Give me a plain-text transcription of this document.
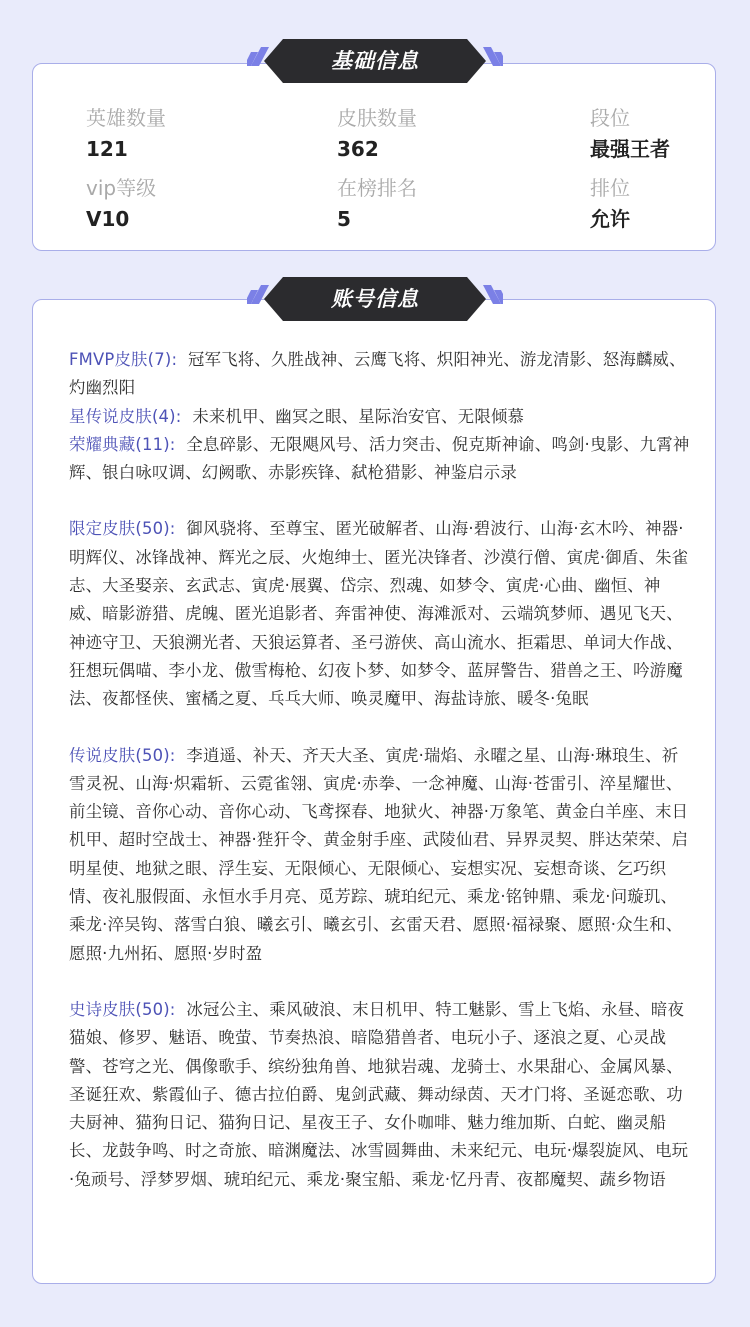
英雄数量
121
皮肤数量
362
段位
最强王者
vip等级
V10
在榜排名
5
排位
允许
基础信息
FMVP皮肤(7): 冠军飞将、久胜战神、云鹰飞将、炽阳神光、游龙清影、怒海麟威、灼幽烈阳
星传说皮肤(4): 未来机甲、幽冥之眼、星际治安官、无限倾慕
荣耀典藏(11): 全息碎影、无限飓风号、活力突击、倪克斯神谕、鸣剑·曳影、九霄神辉、银白咏叹调、幻阙歌、赤影疾锋、弑枪猎影、神鉴启示录
限定皮肤(50): 御风骁将、至尊宝、匿光破解者、山海·碧波行、山海·玄木吟、神器·明辉仪、冰锋战神、辉光之辰、火炮绅士、匿光决锋者、沙漠行僧、寅虎·御盾、朱雀志、大圣娶亲、玄武志、寅虎·展翼、岱宗、烈魂、如梦令、寅虎·心曲、幽恒、神威、暗影游猎、虎魄、匿光追影者、奔雷神使、海滩派对、云端筑梦师、遇见飞天、神迹守卫、天狼溯光者、天狼运算者、圣弓游侠、高山流水、拒霜思、单词大作战、狂想玩偶喵、李小龙、傲雪梅枪、幻夜卜梦、如梦令、蓝屏警告、猎兽之王、吟游魔法、夜都怪侠、蜜橘之夏、乓乓大师、唤灵魔甲、海盐诗旅、暖冬·兔眠
传说皮肤(50): 李逍遥、补天、齐天大圣、寅虎·瑞焰、永曜之星、山海·琳琅生、祈雪灵祝、山海·炽霜斩、云霓雀翎、寅虎·赤拳、一念神魔、山海·苍雷引、淬星耀世、前尘镜、音你心动、音你心动、飞鸢探春、地狱火、神器·万象笔、黄金白羊座、末日机甲、超时空战士、神器·狴犴令、黄金射手座、武陵仙君、异界灵契、胖达荣荣、启明星使、地狱之眼、浮生妄、无限倾心、无限倾心、妄想实况、妄想奇谈、乞巧织情、夜礼服假面、永恒水手月亮、觅芳踪、琥珀纪元、乘龙·铭钟鼎、乘龙·问璇玑、乘龙·淬吴钩、落雪白狼、曦玄引、曦玄引、玄雷天君、愿照·福禄聚、愿照·众生和、愿照·九州拓、愿照·岁时盈
史诗皮肤(50): 冰冠公主、乘风破浪、末日机甲、特工魅影、雪上飞焰、永昼、暗夜猫娘、修罗、魅语、晚萤、节奏热浪、暗隐猎兽者、电玩小子、逐浪之夏、心灵战警、苍穹之光、偶像歌手、缤纷独角兽、地狱岩魂、龙骑士、水果甜心、金属风暴、圣诞狂欢、紫霞仙子、德古拉伯爵、鬼剑武藏、舞动绿茵、天才门将、圣诞恋歌、功夫厨神、猫狗日记、猫狗日记、星夜王子、女仆咖啡、魅力维加斯、白蛇、幽灵船长、龙鼓争鸣、时之奇旅、暗渊魔法、冰雪圆舞曲、未来纪元、电玩·爆裂旋风、电玩·兔顽号、浮梦罗烟、琥珀纪元、乘龙·聚宝船、乘龙·忆丹青、夜都魔契、蔬乡物语
账号信息
